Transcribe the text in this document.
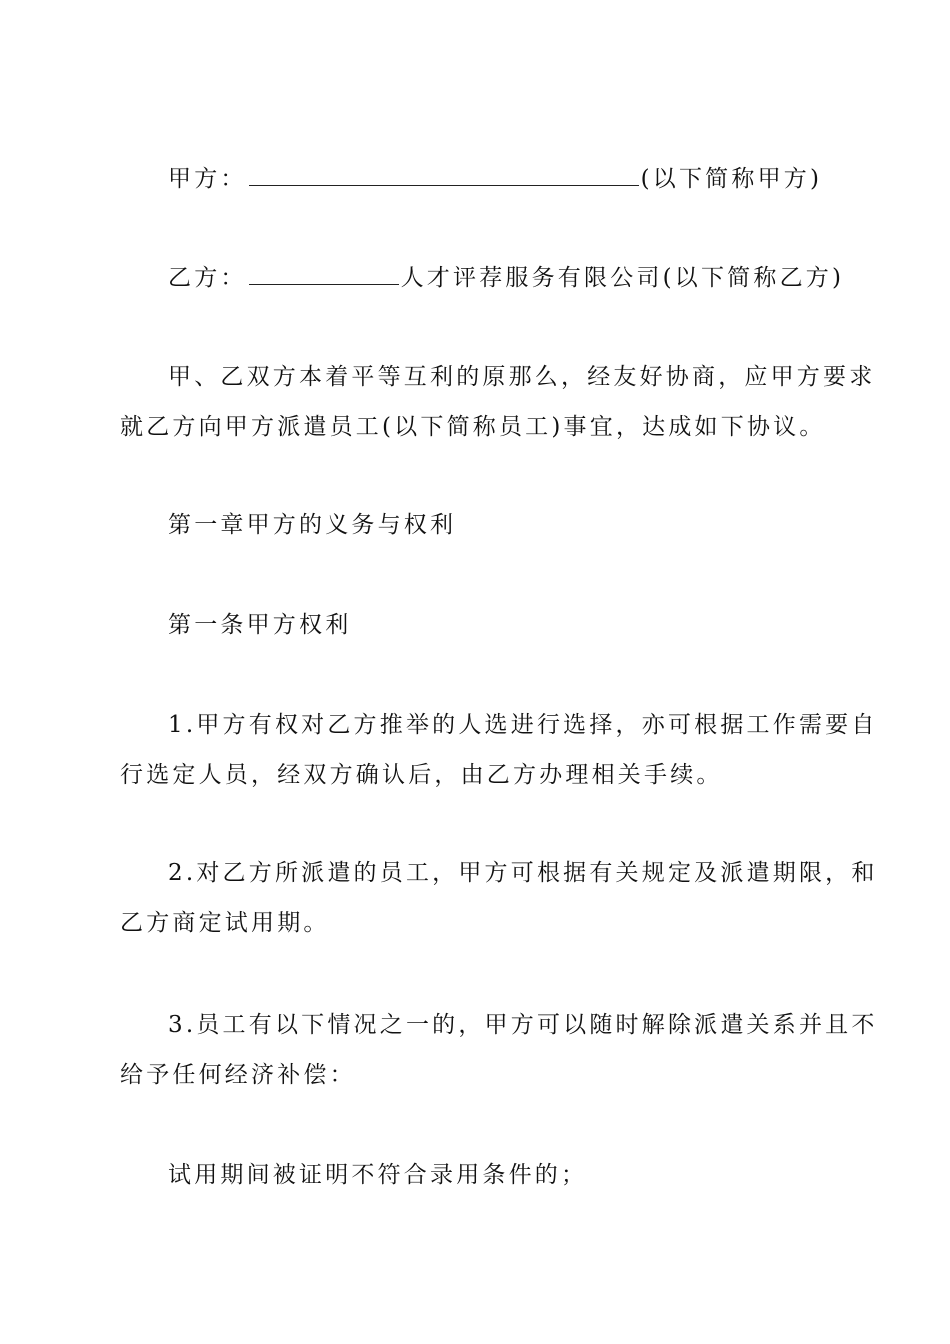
甲方：	(以下简称甲方)
乙方：	人才评荐服务有限公司(以下简称乙方)
甲、乙双方本着平等互利的原那么，经友好协商，应甲方要求
就乙方向甲方派遣员工(以下简称员工)事宜，达成如下协议。
第一章甲方的义务与权利
第一条甲方权利
1.甲方有权对乙方推举的人选进行选择，亦可根据工作需要自
行选定人员，经双方确认后，由乙方办理相关手续。
2.对乙方所派遣的员工，甲方可根据有关规定及派遣期限，和
乙方商定试用期。
3.员工有以下情况之一的，甲方可以随时解除派遣关系并且不
给予任何经济补偿：
试用期间被证明不符合录用条件的；
